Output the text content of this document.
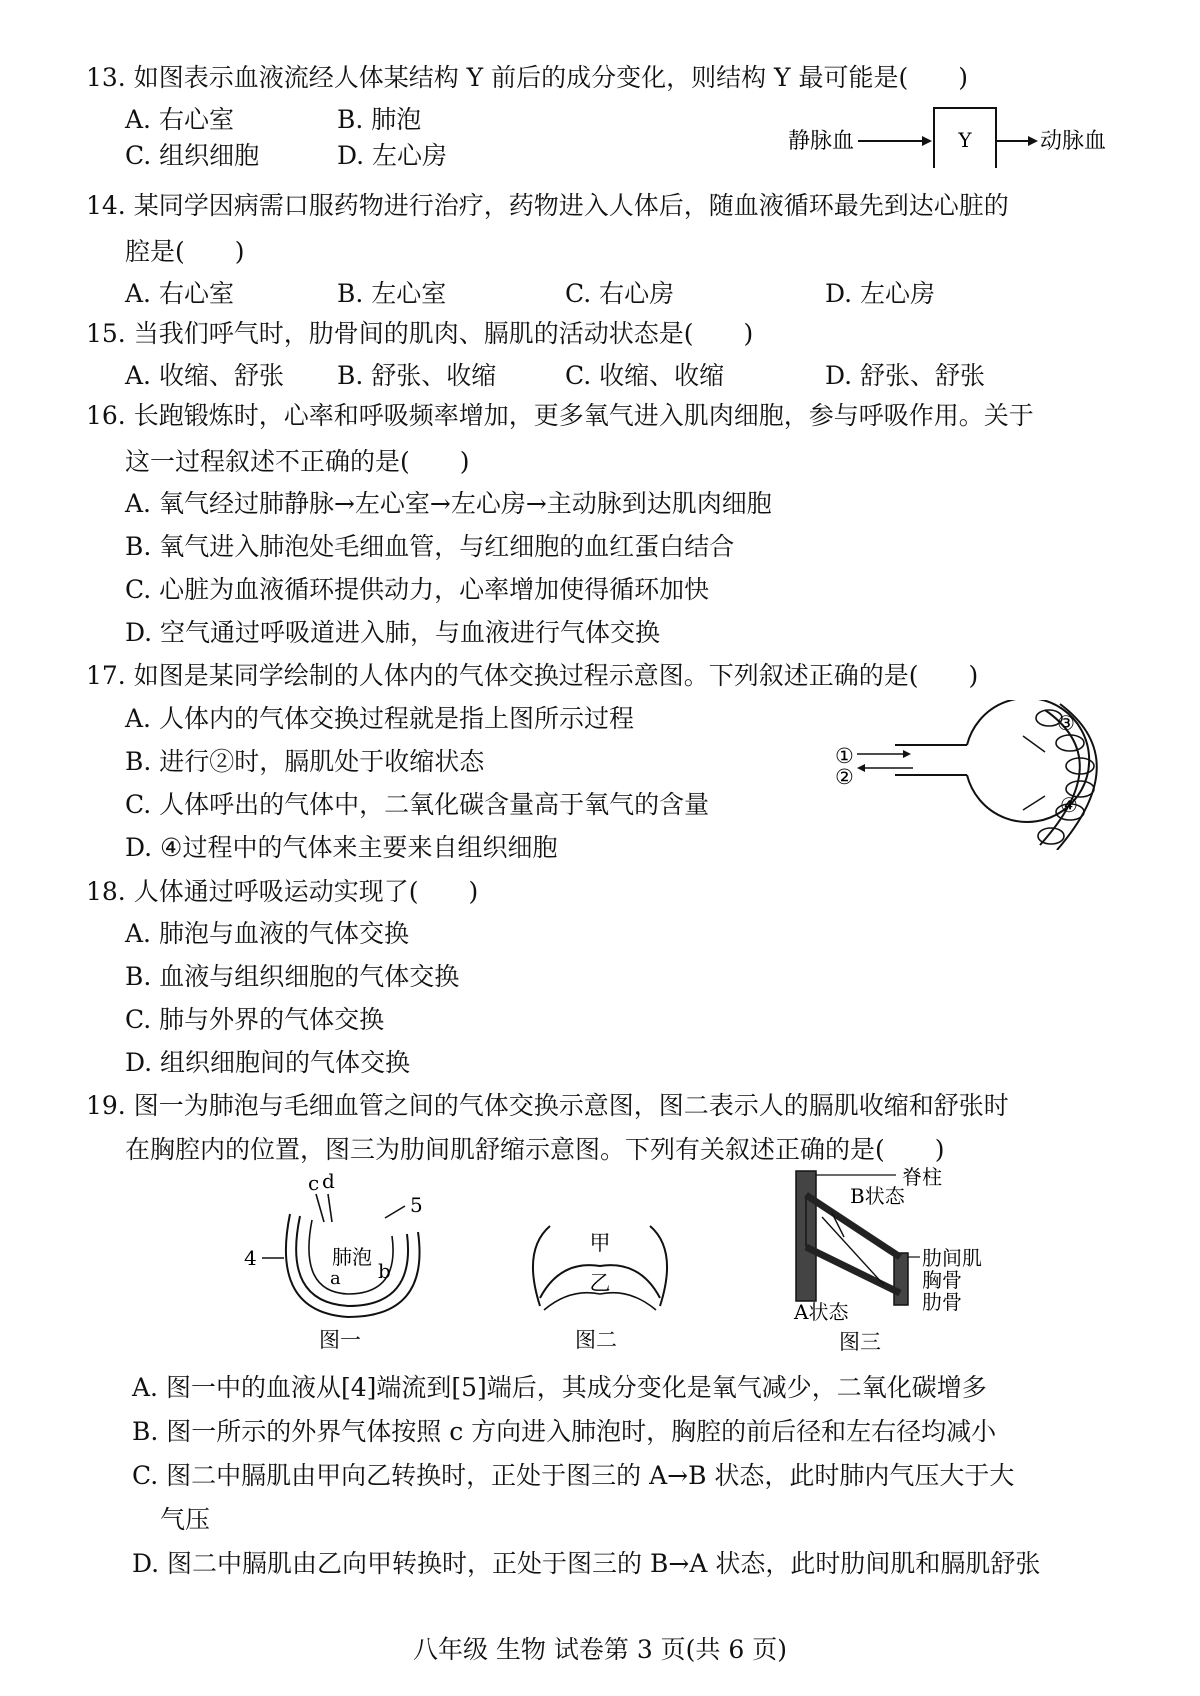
13. 如图表示血液流经人体某结构 Y 前后的成分变化，则结构 Y 最可能是(　　)
A. 右心室	B. 肺泡
C. 组织细胞	D. 左心房	静脉血	Y	动脉血
14. 某同学因病需口服药物进行治疗，药物进入人体后，随血液循环最先到达心脏的
腔是(　　)
A. 右心室	B. 左心室	C. 右心房	D. 左心房
15. 当我们呼气时，肋骨间的肌肉、膈肌的活动状态是(　　)
A. 收缩、舒张 B. 舒张、收缩	C. 收缩、收缩	D. 舒张、舒张
16. 长跑锻炼时，心率和呼吸频率增加，更多氧气进入肌肉细胞，参与呼吸作用。关于
这一过程叙述不正确的是(　　)
A. 氧气经过肺静脉→左心室→左心房→主动脉到达肌肉细胞
B. 氧气进入肺泡处毛细血管，与红细胞的血红蛋白结合
C. 心脏为血液循环提供动力，心率增加使得循环加快
D. 空气通过呼吸道进入肺，与血液进行气体交换
17. 如图是某同学绘制的人体内的气体交换过程示意图。下列叙述正确的是(　　)
A. 人体内的气体交换过程就是指上图所示过程
B. 进行②时，膈肌处于收缩状态
C. 人体呼出的气体中，二氧化碳含量高于氧气的含量
D. ④过程中的气体来主要来自组织细胞
①
②
③
④
18. 人体通过呼吸运动实现了(　　)
A. 肺泡与血液的气体交换
B. 血液与组织细胞的气体交换
C. 肺与外界的气体交换
D. 组织细胞间的气体交换
19. 图一为肺泡与毛细血管之间的气体交换示意图，图二表示人的膈肌收缩和舒张时
在胸腔内的位置，图三为肋间肌舒缩示意图。下列有关叙述正确的是(　　)
c d
5
4	肺泡
a b
图一
甲
乙
图二
脊柱
B状态
肋间肌
胸骨
肋骨
A状态
图三
A. 图一中的血液从[4]端流到[5]端后，其成分变化是氧气减少，二氧化碳增多
B. 图一所示的外界气体按照 c 方向进入肺泡时，胸腔的前后径和左右径均减小
C. 图二中膈肌由甲向乙转换时，正处于图三的 A→B 状态，此时肺内气压大于大
气压
D. 图二中膈肌由乙向甲转换时，正处于图三的 B→A 状态，此时肋间肌和膈肌舒张
八年级 生物 试卷第 3 页(共 6 页)
